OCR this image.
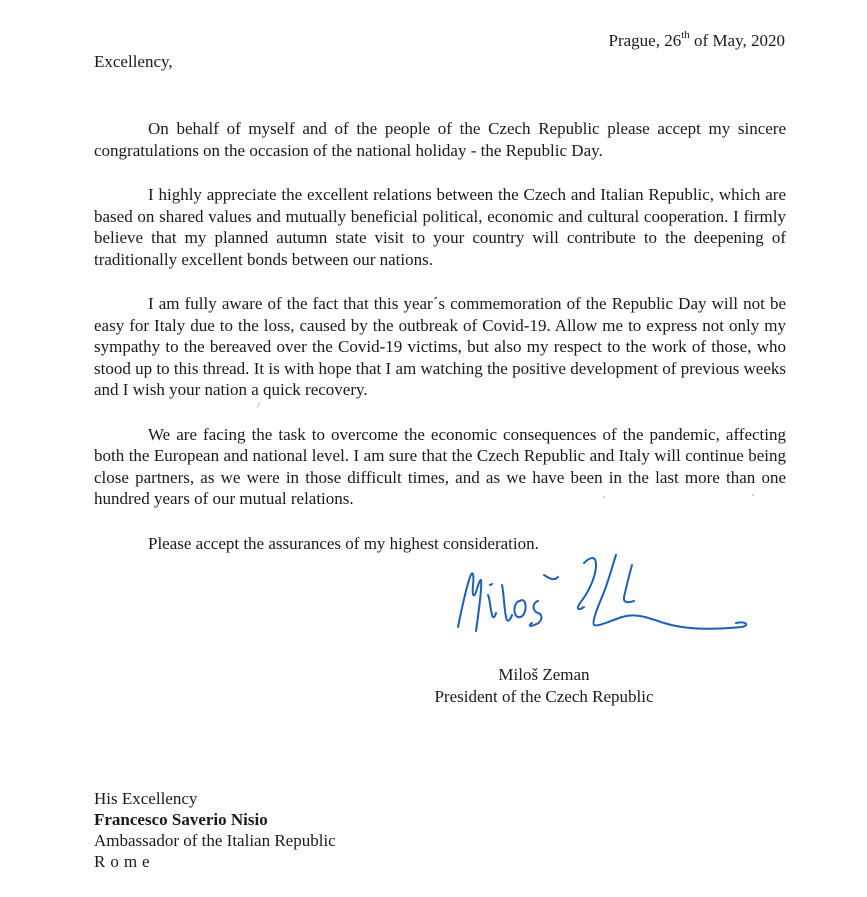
Prague, 26th of May, 2020
Excellency,

On behalf of myself and of the people of the Czech Republic please accept my sincere congratulations on the occasion of the national holiday - the Republic Day.

I highly appreciate the excellent relations between the Czech and Italian Republic, which are based on shared values and mutually beneficial political, economic and cultural cooperation. I firmly believe that my planned autumn state visit to your country will contribute to the deepening of traditionally excellent bonds between our nations.

I am fully aware of the fact that this year´s commemoration of the Republic Day will not be easy for Italy due to the loss, caused by the outbreak of Covid-19. Allow me to express not only my sympathy to the bereaved over the Covid-19 victims, but also my respect to the work of those, who stood up to this thread. It is with hope that I am watching the positive development of previous weeks and I wish your nation a quick recovery.

We are facing the task to overcome the economic consequences of the pandemic, affecting both the European and national level. I am sure that the Czech Republic and Italy will continue being close partners, as we were in those difficult times, and as we have been in the last more than one hundred years of our mutual relations.

Please accept the assurances of my highest consideration.

Miloš Zeman
President of the Czech Republic
His Excellency
Francesco Saverio Nisio
Ambassador of the Italian Republic
Rome
